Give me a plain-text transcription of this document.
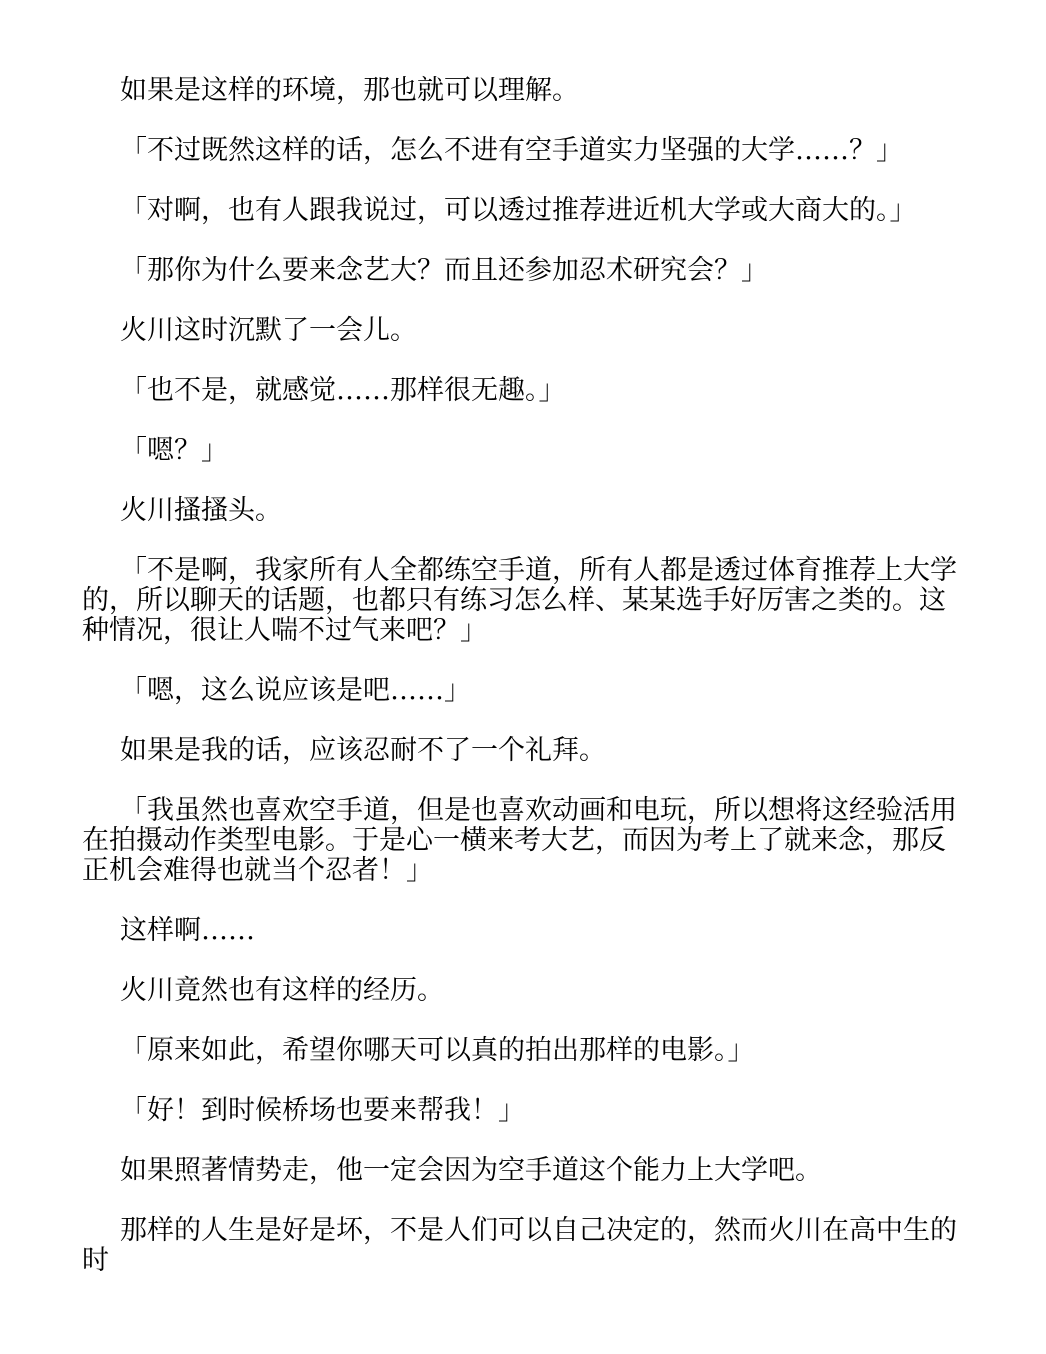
如果是这样的环境，那也就可以理解。

「不过既然这样的话，怎么不进有空手道实力坚强的大学……？」

「对啊，也有人跟我说过，可以透过推荐进近机大学或大商大的。」

「那你为什么要来念艺大？而且还参加忍术研究会？」

火川这时沉默了一会儿。

「也不是，就感觉……那样很无趣。」

「嗯？」

火川搔搔头。

「不是啊，我家所有人全都练空手道，所有人都是透过体育推荐上大学的，所以聊天的话题，也都只有练习怎么样、某某选手好厉害之类的。这种情况，很让人喘不过气来吧？」

「嗯，这么说应该是吧……」

如果是我的话，应该忍耐不了一个礼拜。

「我虽然也喜欢空手道，但是也喜欢动画和电玩，所以想将这经验活用在拍摄动作类型电影。于是心一横来考大艺，而因为考上了就来念，那反正机会难得也就当个忍者！」

这样啊……

火川竟然也有这样的经历。

「原来如此，希望你哪天可以真的拍出那样的电影。」

「好！到时候桥场也要来帮我！」

如果照著情势走，他一定会因为空手道这个能力上大学吧。

那样的人生是好是坏，不是人们可以自己决定的，然而火川在高中生的时
